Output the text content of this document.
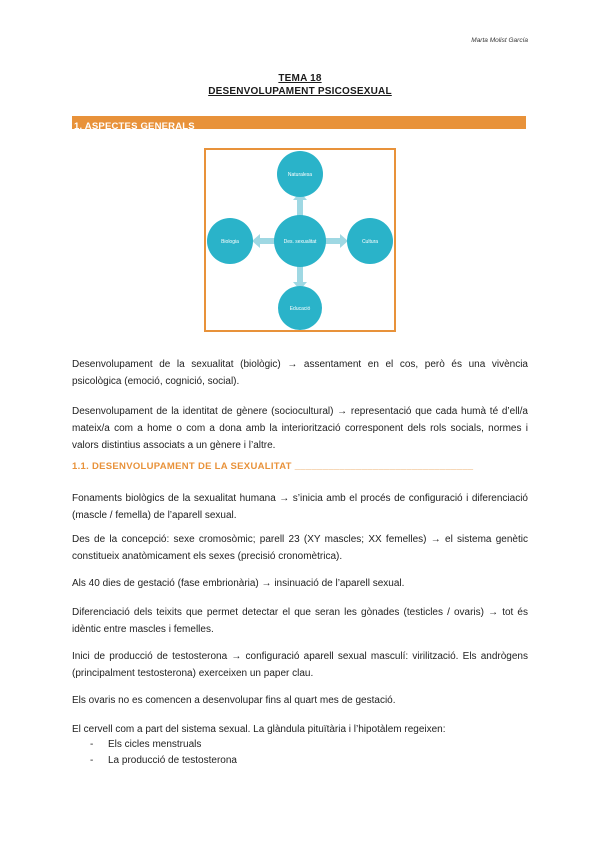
Marta Molist García
TEMA 18
DESENVOLUPAMENT PSICOSEXUAL
1. ASPECTES GENERALS
Naturalesa
Biologia	Cultura
Des. sexualitat
Educació
Desenvolupament de la sexualitat (biològic) → assentament en el cos, però és una vivència psicològica (emoció, cognició, social).
Desenvolupament de la identitat de gènere (sociocultural) → representació que cada humà té d’ell/a mateix/a com a home o com a dona amb la interiorització corresponent dels rols socials, normes i valors distintius associats a un gènere i l’altre.
1.1. DESENVOLUPAMENT DE LA SEXUALITAT ________________________________
Fonaments biològics de la sexualitat humana → s’inicia amb el procés de configuració i diferenciació (mascle / femella) de l’aparell sexual.
Des de la concepció: sexe cromosòmic; parell 23 (XY mascles; XX femelles) → el sistema genètic constitueix anatòmicament els sexes (precisió cronomètrica).
Als 40 dies de gestació (fase embrionària) → insinuació de l’aparell sexual.
Diferenciació dels teixits que permet detectar el que seran les gònades (testicles / ovaris) → tot és idèntic entre mascles i femelles.
Inici de producció de testosterona → configuració aparell sexual masculí: virilització. Els andrògens (principalment testosterona) exerceixen un paper clau.
Els ovaris no es comencen a desenvolupar fins al quart mes de gestació.
El cervell com a part del sistema sexual. La glàndula pituïtària i l’hipotàlem regeixen:
- Els cicles menstruals
- La producció de testosterona
